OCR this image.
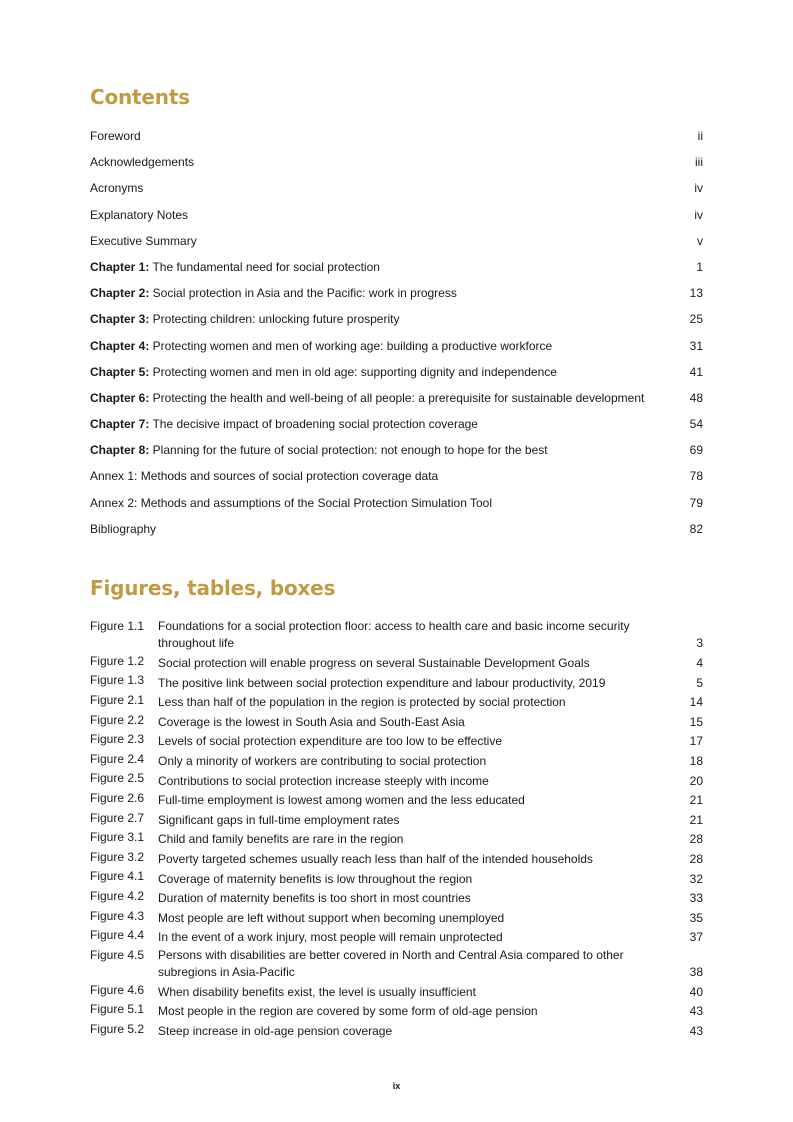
Contents
Foreword	ii
Acknowledgements	iii
Acronyms	iv
Explanatory Notes	iv
Executive Summary	v
Chapter 1: The fundamental need for social protection	1
Chapter 2: Social protection in Asia and the Pacific: work in progress	13
Chapter 3: Protecting children: unlocking future prosperity	25
Chapter 4: Protecting women and men of working age: building a productive workforce	31
Chapter 5: Protecting women and men in old age: supporting dignity and independence	41
Chapter 6: Protecting the health and well-being of all people: a prerequisite for sustainable development	48
Chapter 7: The decisive impact of broadening social protection coverage	54
Chapter 8: Planning for the future of social protection: not enough to hope for the best	69
Annex 1: Methods and sources of social protection coverage data	78
Annex 2: Methods and assumptions of the Social Protection Simulation Tool	79
Bibliography	82
Figures, tables, boxes
Figure 1.1	Foundations for a social protection floor: access to health care and basic income security throughout life	3
Figure 1.2	Social protection will enable progress on several Sustainable Development Goals	4
Figure 1.3	The positive link between social protection expenditure and labour productivity, 2019	5
Figure 2.1	Less than half of the population in the region is protected by social protection	14
Figure 2.2	Coverage is the lowest in South Asia and South-East Asia	15
Figure 2.3	Levels of social protection expenditure are too low to be effective	17
Figure 2.4	Only a minority of workers are contributing to social protection	18
Figure 2.5	Contributions to social protection increase steeply with income	20
Figure 2.6	Full-time employment is lowest among women and the less educated	21
Figure 2.7	Significant gaps in full-time employment rates	21
Figure 3.1	Child and family benefits are rare in the region	28
Figure 3.2	Poverty targeted schemes usually reach less than half of the intended households	28
Figure 4.1	Coverage of maternity benefits is low throughout the region	32
Figure 4.2	Duration of maternity benefits is too short in most countries	33
Figure 4.3	Most people are left without support when becoming unemployed	35
Figure 4.4	In the event of a work injury, most people will remain unprotected	37
Figure 4.5	Persons with disabilities are better covered in North and Central Asia compared to other subregions in Asia-Pacific	38
Figure 4.6	When disability benefits exist, the level is usually insufficient	40
Figure 5.1	Most people in the region are covered by some form of old-age pension	43
Figure 5.2	Steep increase in old-age pension coverage	43
ix
